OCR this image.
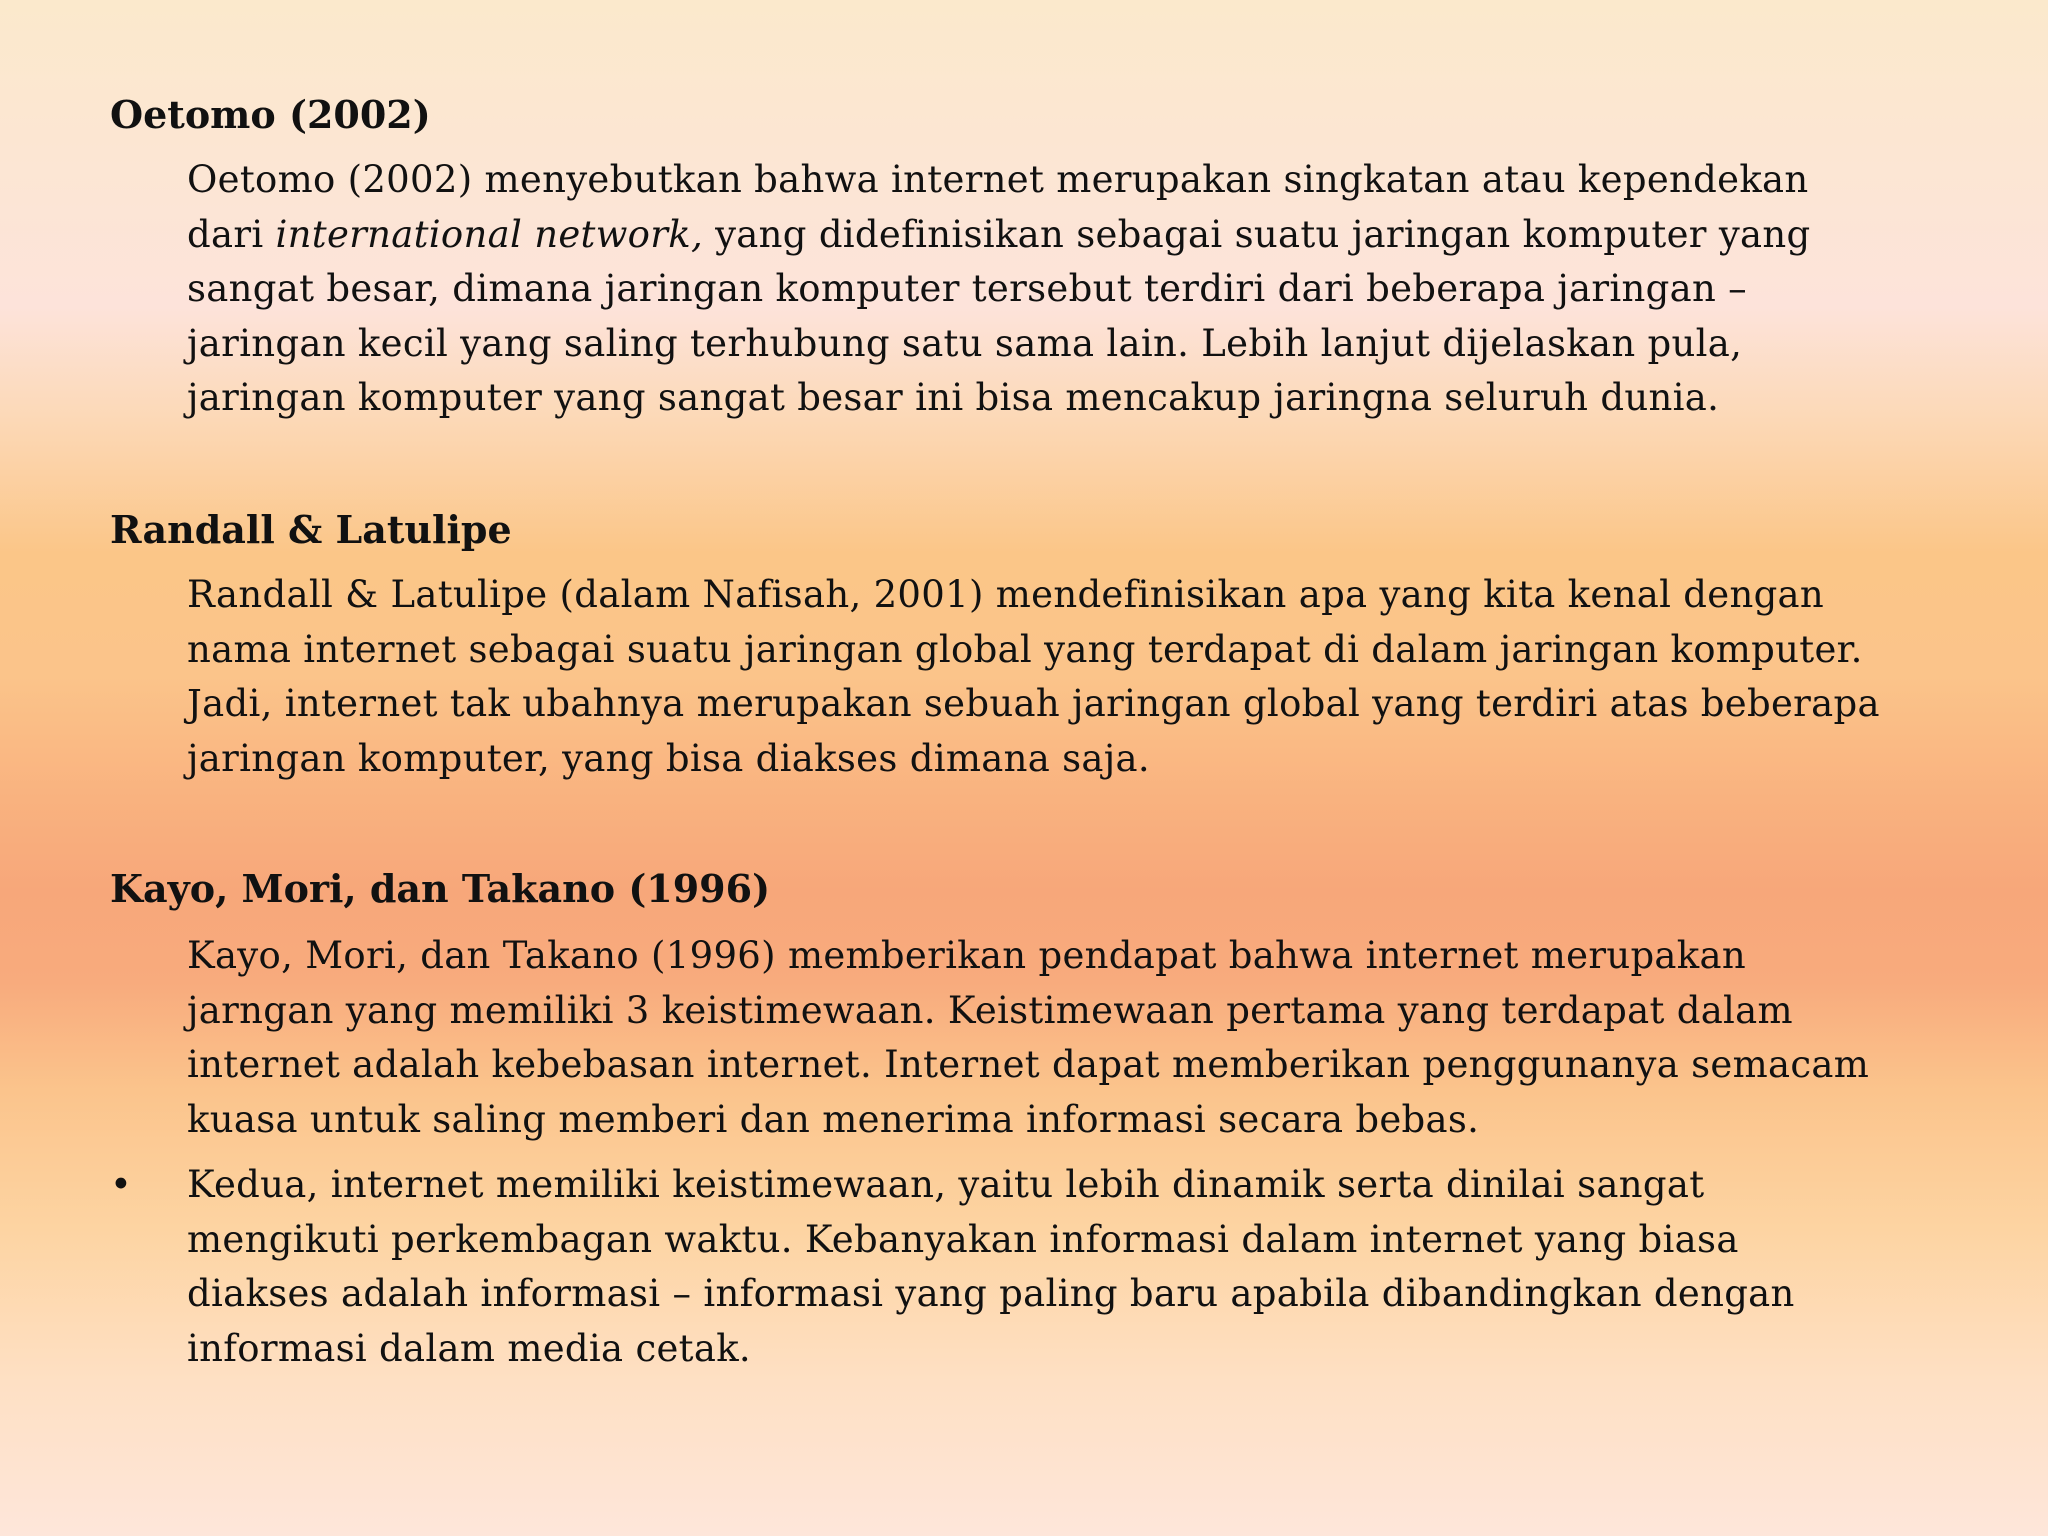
Oetomo (2002)

Oetomo (2002) menyebutkan bahwa internet merupakan singkatan atau kependekan
dari international network, yang didefinisikan sebagai suatu jaringan komputer yang
sangat besar, dimana jaringan komputer tersebut terdiri dari beberapa jaringan –
jaringan kecil yang saling terhubung satu sama lain. Lebih lanjut dijelaskan pula,
jaringan komputer yang sangat besar ini bisa mencakup jaringna seluruh dunia.

Randall & Latulipe

Randall & Latulipe (dalam Nafisah, 2001) mendefinisikan apa yang kita kenal dengan
nama internet sebagai suatu jaringan global yang terdapat di dalam jaringan komputer.
Jadi, internet tak ubahnya merupakan sebuah jaringan global yang terdiri atas beberapa
jaringan komputer, yang bisa diakses dimana saja.

Kayo, Mori, dan Takano (1996)

Kayo, Mori, dan Takano (1996) memberikan pendapat bahwa internet merupakan
jarngan yang memiliki 3 keistimewaan. Keistimewaan pertama yang terdapat dalam
internet adalah kebebasan internet. Internet dapat memberikan penggunanya semacam
kuasa untuk saling memberi dan menerima informasi secara bebas.

• Kedua, internet memiliki keistimewaan, yaitu lebih dinamik serta dinilai sangat
mengikuti perkembagan waktu. Kebanyakan informasi dalam internet yang biasa
diakses adalah informasi – informasi yang paling baru apabila dibandingkan dengan
informasi dalam media cetak.
